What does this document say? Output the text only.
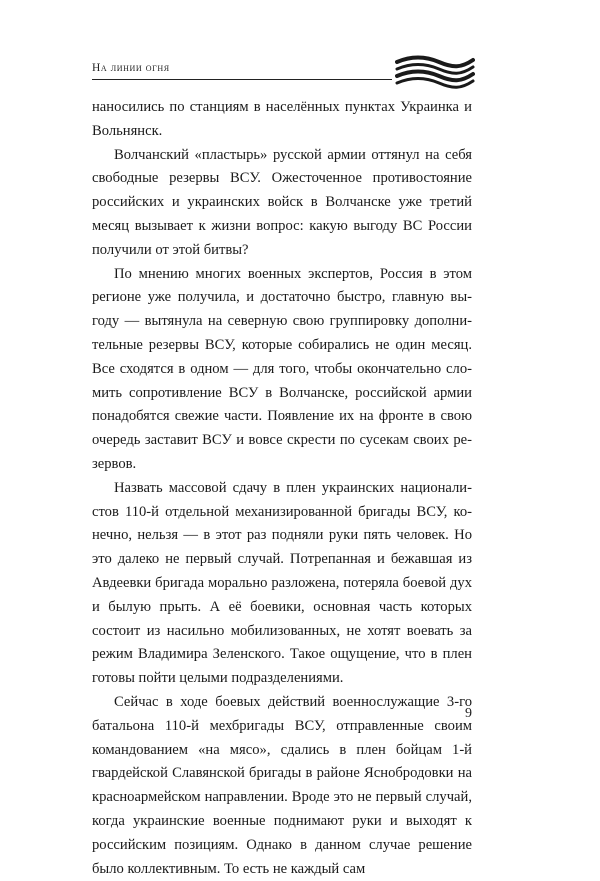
На линии огня

наносились по станциям в населённых пунктах Украинка и Вольнянск.

Волчанский «пластырь» русской армии оттянул на себя свободные резервы ВСУ. Ожесточенное противостояние российских и украинских войск в Волчанске уже третий месяц вызывает к жизни вопрос: какую выгоду ВС России получили от этой битвы?

По мнению многих военных экспертов, Россия в этом регионе уже получила, и достаточно быстро, главную выгоду — вытянула на северную свою группировку дополнительные резервы ВСУ, которые собирались не один месяц. Все сходятся в одном — для того, чтобы окончательно сломить сопротивление ВСУ в Волчанске, российской армии понадобятся свежие части. Появление их на фронте в свою очередь заставит ВСУ и вовсе скрести по сусекам своих резервов.

Назвать массовой сдачу в плен украинских националистов 110-й отдельной механизированной бригады ВСУ, конечно, нельзя — в этот раз подняли руки пять человек. Но это далеко не первый случай. Потрепанная и бежавшая из Авдеевки бригада морально разложена, потеряла боевой дух и былую прыть. А её боевики, основная часть которых состоит из насильно мобилизованных, не хотят воевать за режим Владимира Зеленского. Такое ощущение, что в плен готовы пойти целыми подразделениями.

Сейчас в ходе боевых действий военнослужащие 3-го батальона 110-й мехбригады ВСУ, отправленные своим командованием «на мясо», сдались в плен бойцам 1-й гвардейской Славянской бригады в районе Яснобродовки на красноармейском направлении. Вроде это не первый случай, когда украинские военные поднимают руки и выходят к российским позициям. Однако в данном случае решение было коллективным. То есть не каждый сам

9
